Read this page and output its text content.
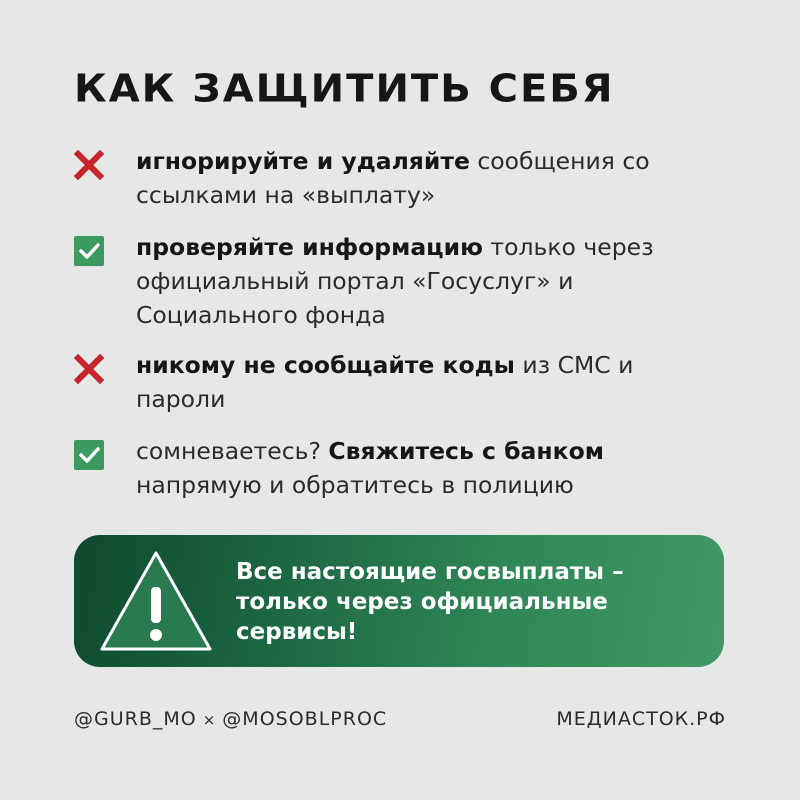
КАК ЗАЩИТИТЬ СЕБЯ
игнорируйте и удаляйте сообщения со ссылками на «выплату»
проверяйте информацию только через официальный портал «Госуслуг» и Социального фонда
никому не сообщайте коды из СМС и пароли
сомневаетесь? Свяжитесь с банком напрямую и обратитесь в полицию
Все настоящие госвыплаты – только через официальные сервисы!
@GURB_MO × @MOSOBLPROC	МЕДИАСТОК.РФ
